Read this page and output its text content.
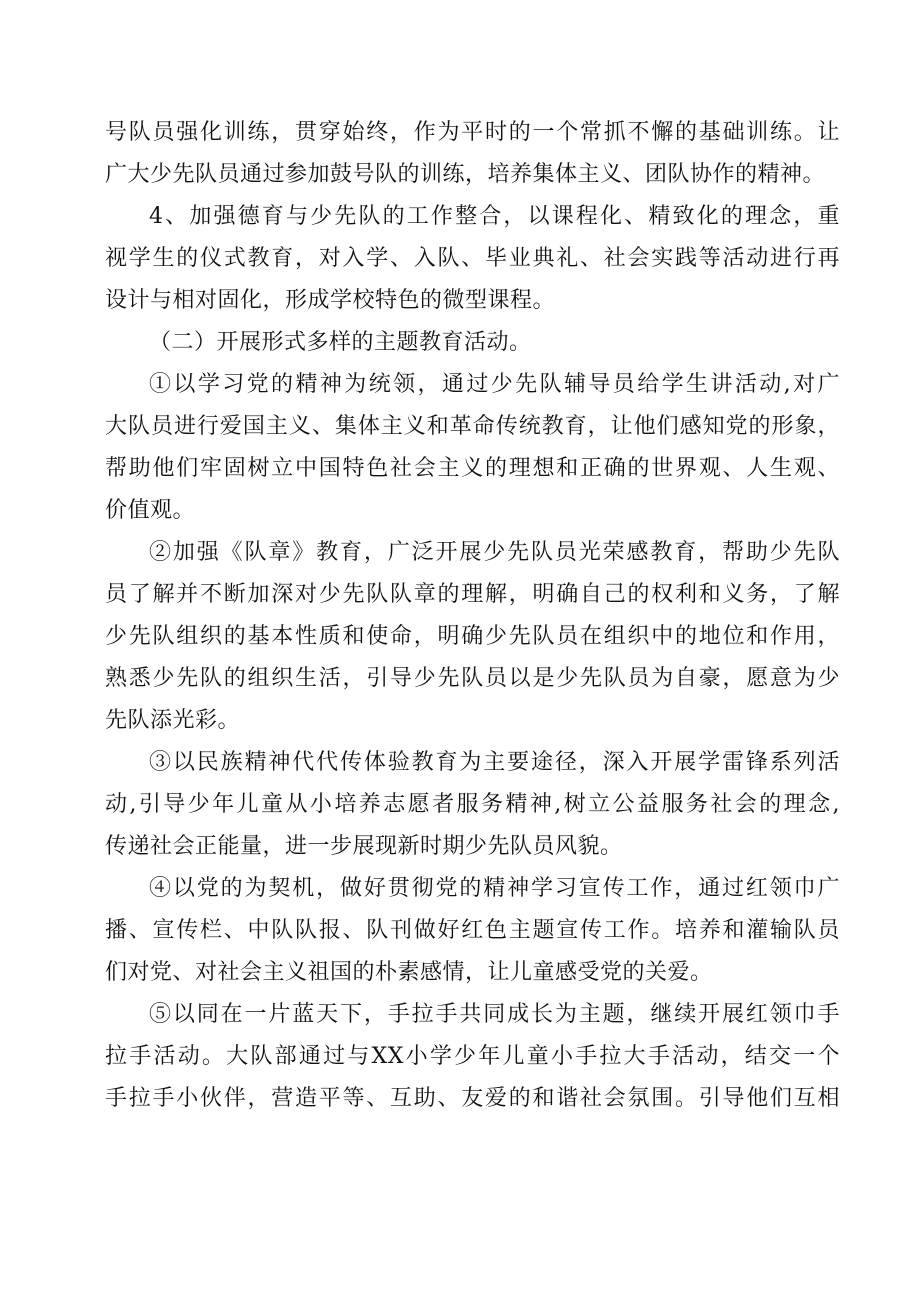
号队员强化训练，贯穿始终，作为平时的一个常抓不懈的基础训练。让
广大少先队员通过参加鼓号队的训练，培养集体主义、团队协作的精神。
4、加强德育与少先队的工作整合，以课程化、精致化的理念，重
视学生的仪式教育，对入学、入队、毕业典礼、社会实践等活动进行再
设计与相对固化，形成学校特色的微型课程。
（二）开展形式多样的主题教育活动。
①以学习党的精神为统领，通过少先队辅导员给学生讲活动,对广
大队员进行爱国主义、集体主义和革命传统教育，让他们感知党的形象，
帮助他们牢固树立中国特色社会主义的理想和正确的世界观、人生观、
价值观。
②加强《队章》教育，广泛开展少先队员光荣感教育，帮助少先队
员了解并不断加深对少先队队章的理解，明确自己的权利和义务，了解
少先队组织的基本性质和使命，明确少先队员在组织中的地位和作用，
熟悉少先队的组织生活，引导少先队员以是少先队员为自豪，愿意为少
先队添光彩。
③以民族精神代代传体验教育为主要途径，深入开展学雷锋系列活
动,引导少年儿童从小培养志愿者服务精神,树立公益服务社会的理念,
传递社会正能量，进一步展现新时期少先队员风貌。
④以党的为契机，做好贯彻党的精神学习宣传工作，通过红领巾广
播、宣传栏、中队队报、队刊做好红色主题宣传工作。培养和灌输队员
们对党、对社会主义祖国的朴素感情，让儿童感受党的关爱。
⑤以同在一片蓝天下，手拉手共同成长为主题，继续开展红领巾手
拉手活动。大队部通过与XX小学少年儿童小手拉大手活动，结交一个
手拉手小伙伴，营造平等、互助、友爱的和谐社会氛围。引导他们互相
